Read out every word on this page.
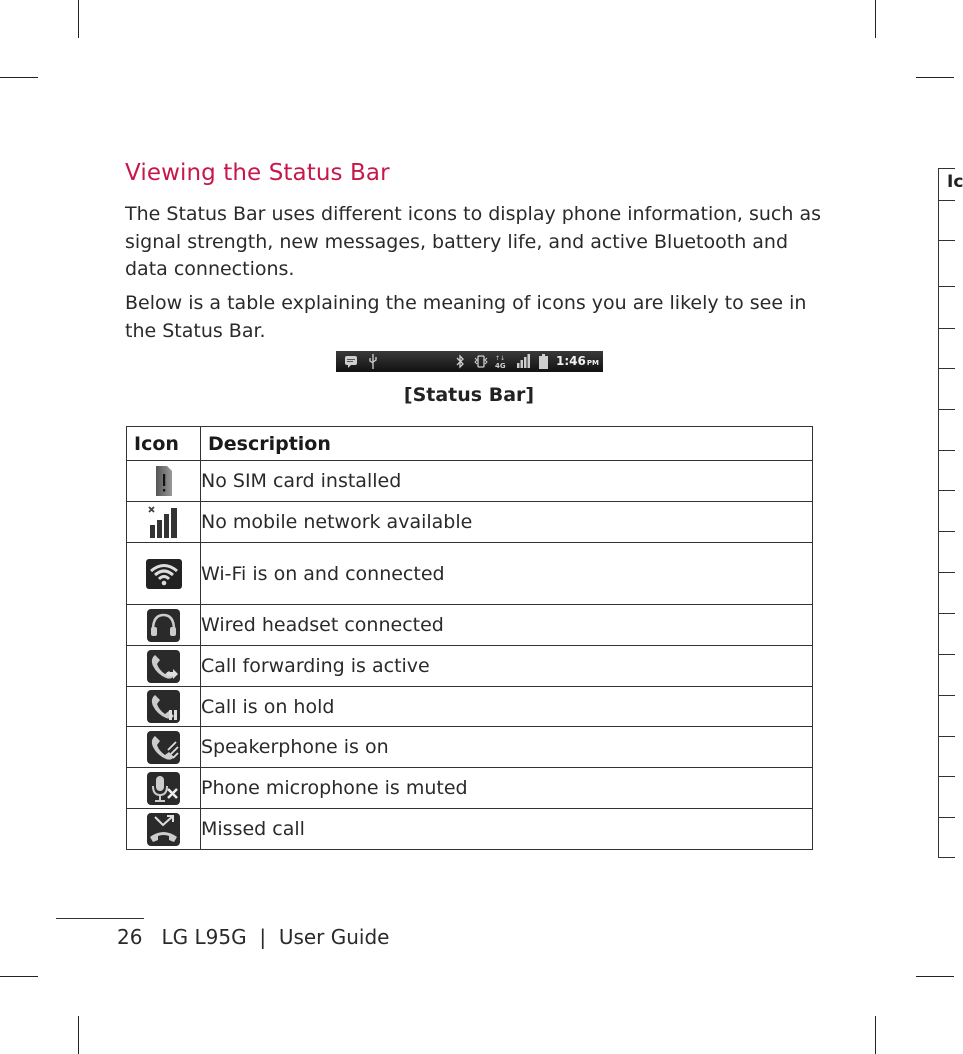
Viewing the Status Bar

The Status Bar uses different icons to display phone information, such as signal strength, new messages, battery life, and active Bluetooth and data connections.

Below is a table explaining the meaning of icons you are likely to see in the Status Bar.

↑↓
4G	1:46PM
[Status Bar]
Icon	Description
	No SIM card installed
	No mobile network available
	Wi-Fi is on and connected
	Wired headset connected
	Call forwarding is active
	Call is on hold
	Speakerphone is on
	Phone microphone is muted
	Missed call
Ic
26 LG L95G | User Guide
